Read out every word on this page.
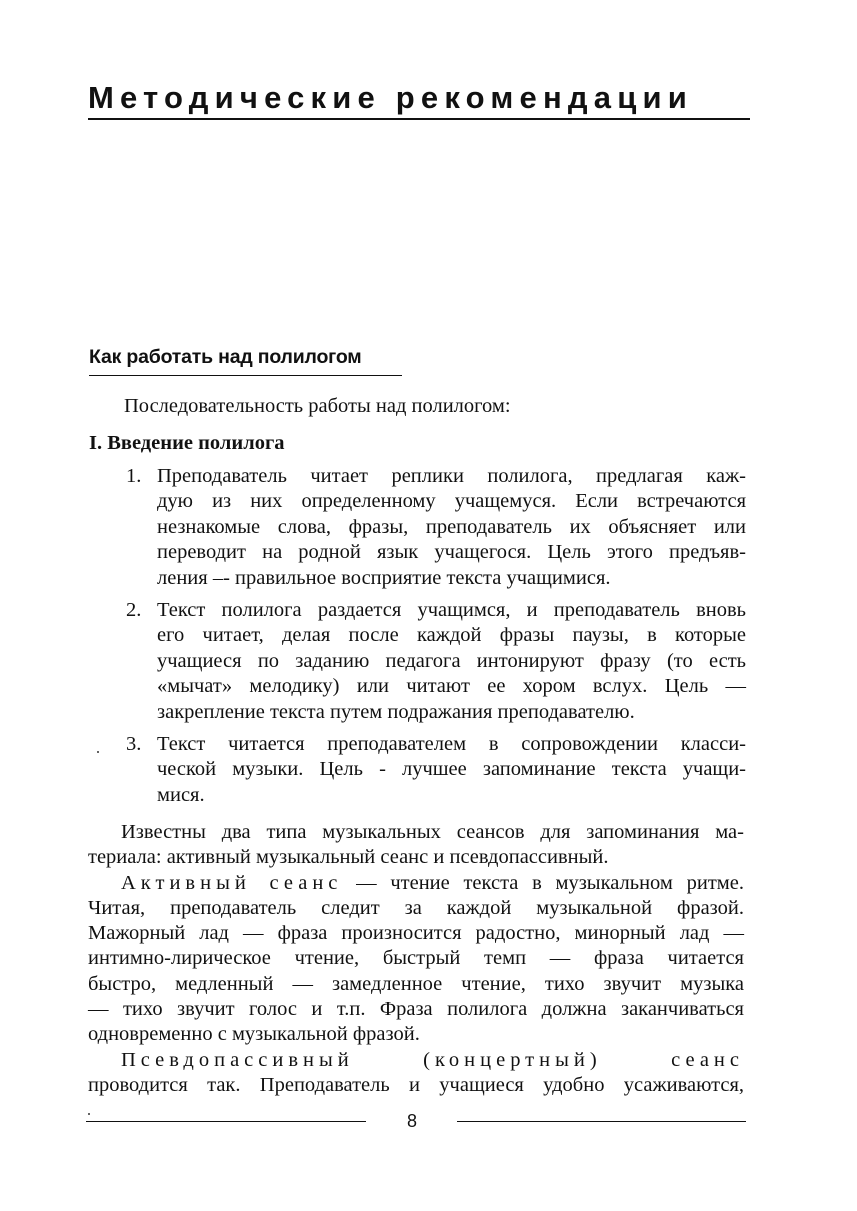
Методические рекомендации
Как работать над полилогом
Последовательность работы над полилогом:
I. Введение полилога
1. Преподаватель читает реплики полилога, предлагая каж-
дую из них определенному учащемуся. Если встречаются
незнакомые слова, фразы, преподаватель их объясняет или
переводит на родной язык учащегося. Цель этого предъяв-
ления –- правильное восприятие текста учащимися.
2. Текст полилога раздается учащимся, и преподаватель вновь
его читает, делая после каждой фразы паузы, в которые
учащиеся по заданию педагога интонируют фразу (то есть
«мычат» мелодику) или читают ее хором вслух. Цель —
закрепление текста путем подражания преподавателю.
3. Текст читается преподавателем в сопровождении класси-
ческой музыки. Цель - лучшее запоминание текста учащи-
мися.
Известны два типа музыкальных сеансов для запоминания ма-
териала: активный музыкальный сеанс и псевдопассивный.
Активный сеанс — чтение текста в музыкальном ритме.
Читая, преподаватель следит за каждой музыкальной фразой.
Мажорный лад — фраза произносится радостно, минорный лад —
интимно-лирическое чтение, быстрый темп — фраза читается
быстро, медленный — замедленное чтение, тихо звучит музыка
— тихо звучит голос и т.п. Фраза полилога должна заканчиваться
одновременно с музыкальной фразой.
Псевдопассивный (концертный) сеанс
проводится так. Преподаватель и учащиеся удобно усаживаются,
8
